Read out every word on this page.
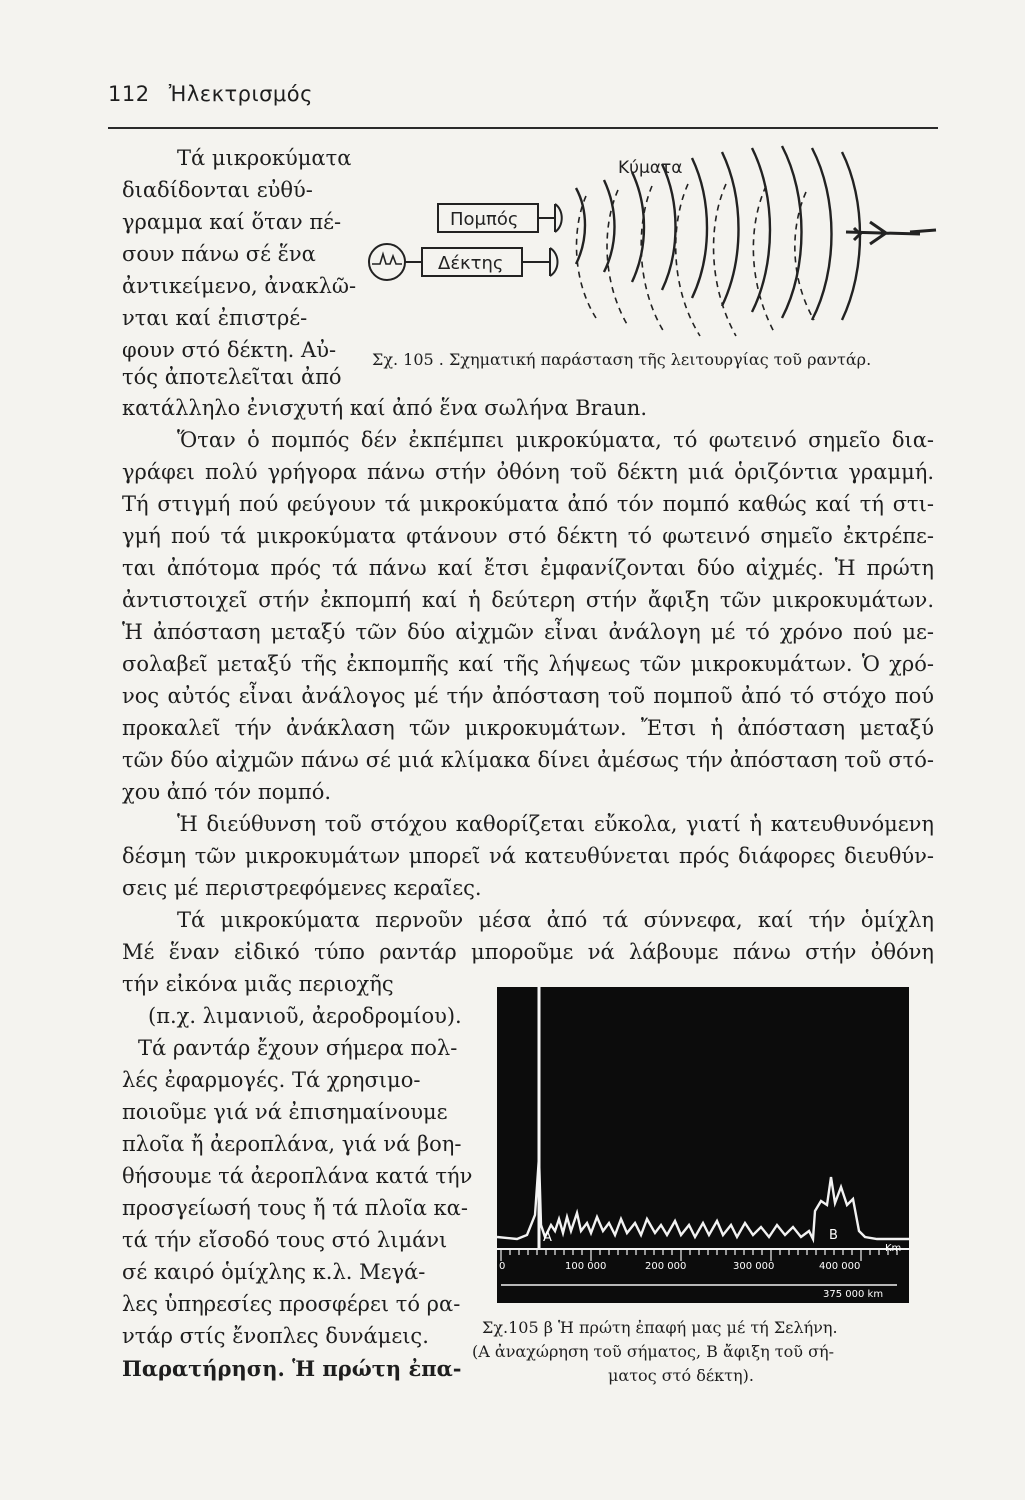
112 Ἠλεκτρισμός
Κύματα
Πομπός
Δέκτης
Σχ. 105 . Σχηματική παράσταση τῆς λειτουργίας τοῦ ραντάρ.
Τά μικροκύματα
διαδίδονται εὐθύ-
γραμμα καί ὅταν πέ-
σουν πάνω σέ ἕνα
ἀντικείμενο, ἀνακλῶ-
νται καί ἐπιστρέ-
φουν στό δέκτη. Αὐ-
τός ἀποτελεῖται ἀπό
κατάλληλο ἐνισχυτή καί ἀπό ἕνα σωλήνα Braun.
Ὅταν ὁ πομπός δέν ἐκπέμπει μικροκύματα, τό φωτεινό σημεῖο δια-
γράφει πολύ γρήγορα πάνω στήν ὀθόνη τοῦ δέκτη μιά ὁριζόντια γραμμή.
Τή στιγμή πού φεύγουν τά μικροκύματα ἀπό τόν πομπό καθώς καί τή στι-
γμή πού τά μικροκύματα φτάνουν στό δέκτη τό φωτεινό σημεῖο ἐκτρέπε-
ται ἀπότομα πρός τά πάνω καί ἔτσι ἐμφανίζονται δύο αἰχμές. Ἡ πρώτη
ἀντιστοιχεῖ στήν ἐκπομπή καί ἡ δεύτερη στήν ἄφιξη τῶν μικροκυμάτων.
Ἡ ἀπόσταση μεταξύ τῶν δύο αἰχμῶν εἶναι ἀνάλογη μέ τό χρόνο πού με-
σολαβεῖ μεταξύ τῆς ἐκπομπῆς καί τῆς λήψεως τῶν μικροκυμάτων. Ὁ χρό-
νος αὐτός εἶναι ἀνάλογος μέ τήν ἀπόσταση τοῦ πομποῦ ἀπό τό στόχο πού
προκαλεῖ τήν ἀνάκλαση τῶν μικροκυμάτων. Ἔτσι ἡ ἀπόσταση μεταξύ
τῶν δύο αἰχμῶν πάνω σέ μιά κλίμακα δίνει ἀμέσως τήν ἀπόσταση τοῦ στό-
χου ἀπό τόν πομπό.
Ἡ διεύθυνση τοῦ στόχου καθορίζεται εὔκολα, γιατί ἡ κατευθυνόμενη
δέσμη τῶν μικροκυμάτων μπορεῖ νά κατευθύνεται πρός διάφορες διευθύν-
σεις μέ περιστρεφόμενες κεραῖες.
Τά μικροκύματα περνοῦν μέσα ἀπό τά σύννεφα, καί τήν ὁμίχλη
Μέ ἕναν εἰδικό τύπο ραντάρ μποροῦμε νά λάβουμε πάνω στήν ὀθόνη
τήν εἰκόνα μιᾶς περιοχῆς
(π.χ. λιμανιοῦ, ἀεροδρομίου).
Τά ραντάρ ἔχουν σήμερα πολ-
λές ἐφαρμογές. Τά χρησιμο-
ποιοῦμε γιά νά ἐπισημαίνουμε
πλοῖα ἤ ἀεροπλάνα, γιά νά βοη-
θήσουμε τά ἀεροπλάνα κατά τήν
προσγείωσή τους ἤ τά πλοῖα κα-
τά τήν εἴσοδό τους στό λιμάνι
σέ καιρό ὁμίχλης κ.λ. Μεγά-
λες ὑπηρεσίες προσφέρει τό ρα-
ντάρ στίς ἔνοπλες δυνάμεις.
Παρατήρηση. Ἡ πρώτη ἐπα-
A	B
Km
0	100 000	200 000	300 000	400 000
375 000 km
Σχ.105 β Ἡ πρώτη ἐπαφή μας μέ τή Σελήνη.
(Α ἀναχώρηση τοῦ σήματος, Β ἄφιξη τοῦ σή-
ματος στό δέκτη).
